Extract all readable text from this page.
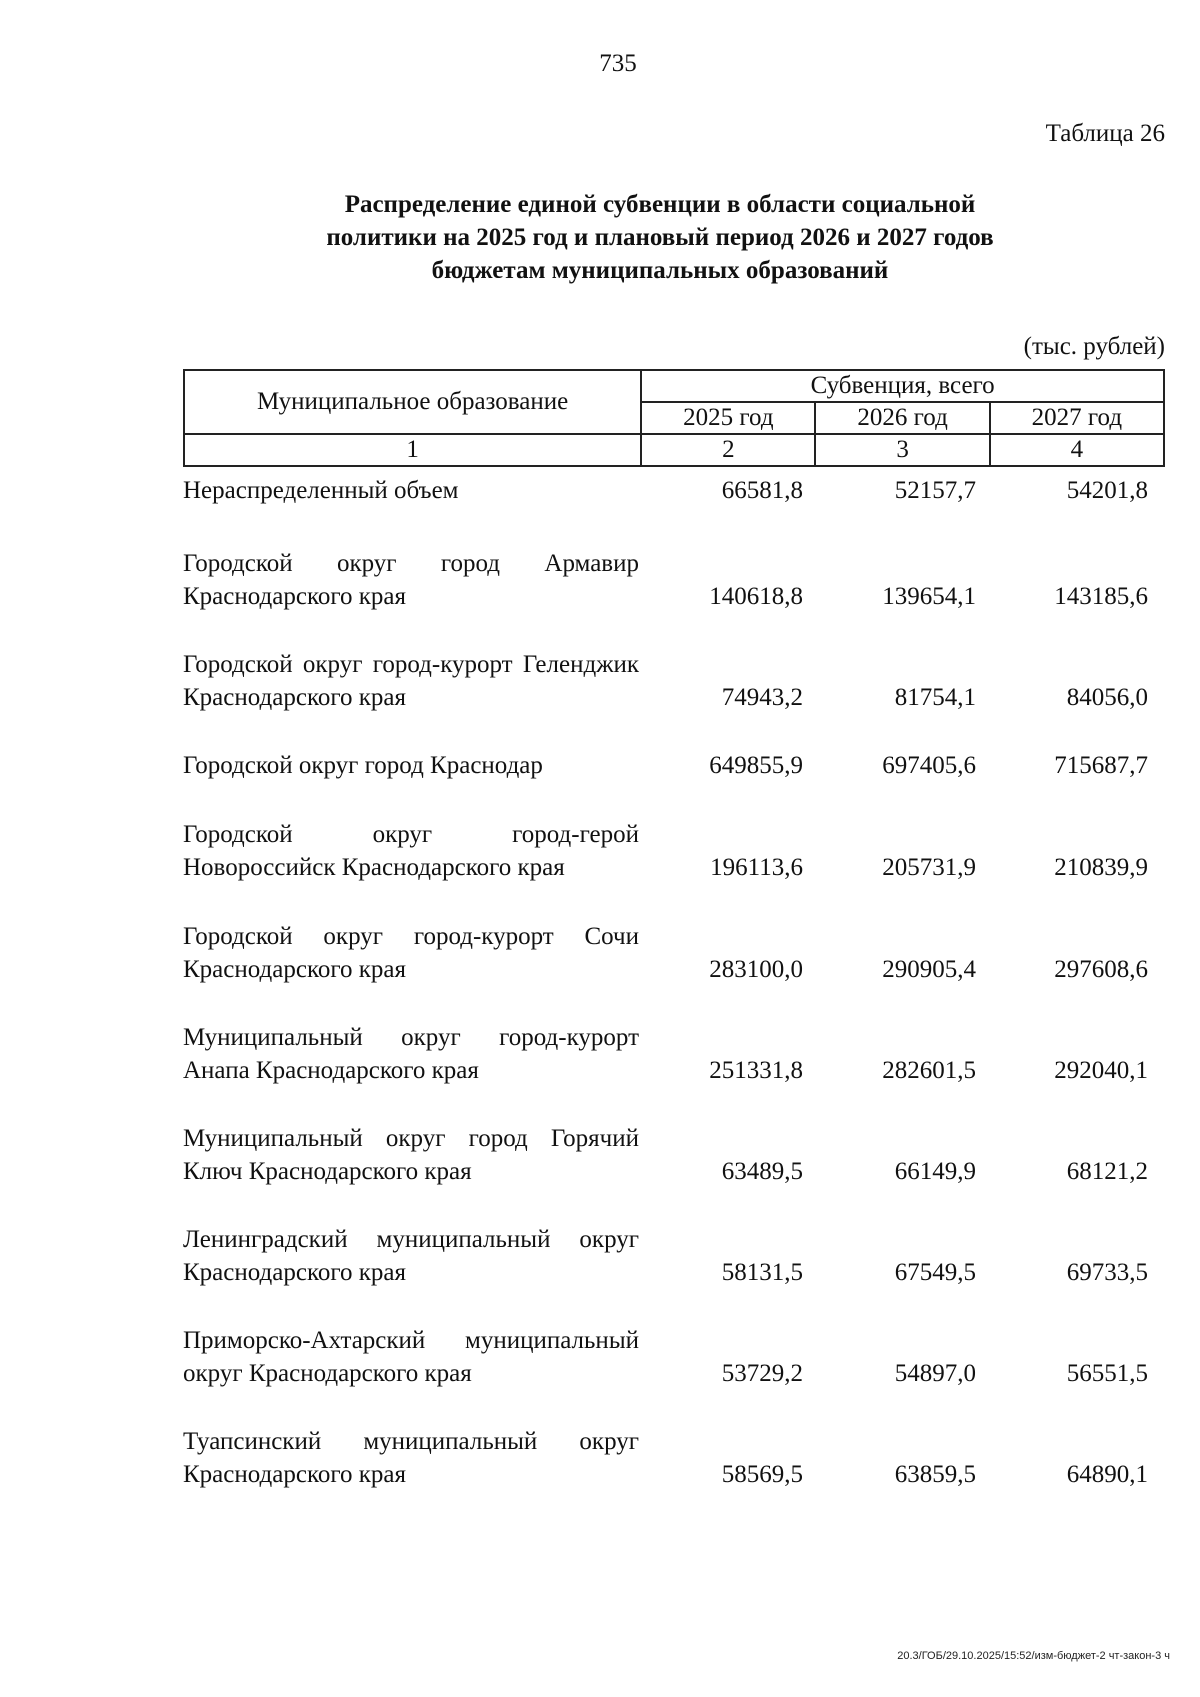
735
Таблица 26
Распределение единой субвенции в области социальной
политики на 2025 год и плановый период 2026 и 2027 годов
бюджетам муниципальных образований
(тыс. рублей)
Муниципальное образование	Субвенция, всего		
	2025 год	2026 год	2027 год
1	2	3	4
Нераспределенный объем	66581,8	52157,7	54201,8
Городской округ город Армавир Краснодарского края	140618,8	139654,1	143185,6
Городской округ город-курорт Геленджик Краснодарского края	74943,2	81754,1	84056,0
Городской округ город Краснодар	649855,9	697405,6	715687,7
Городской округ город-герой Новороссийск Краснодарского края	196113,6	205731,9	210839,9
Городской округ город-курорт Сочи Краснодарского края	283100,0	290905,4	297608,6
Муниципальный округ город-курорт Анапа Краснодарского края	251331,8	282601,5	292040,1
Муниципальный округ город Горячий Ключ Краснодарского края	63489,5	66149,9	68121,2
Ленинградский муниципальный округ Краснодарского края	58131,5	67549,5	69733,5
Приморско-Ахтарский муниципальный округ Краснодарского края	53729,2	54897,0	56551,5
Туапсинский муниципальный округ Краснодарского края	58569,5	63859,5	64890,1
20.3/ГОБ/29.10.2025/15:52/изм-бюджет-2 чт-закон-3 ч
